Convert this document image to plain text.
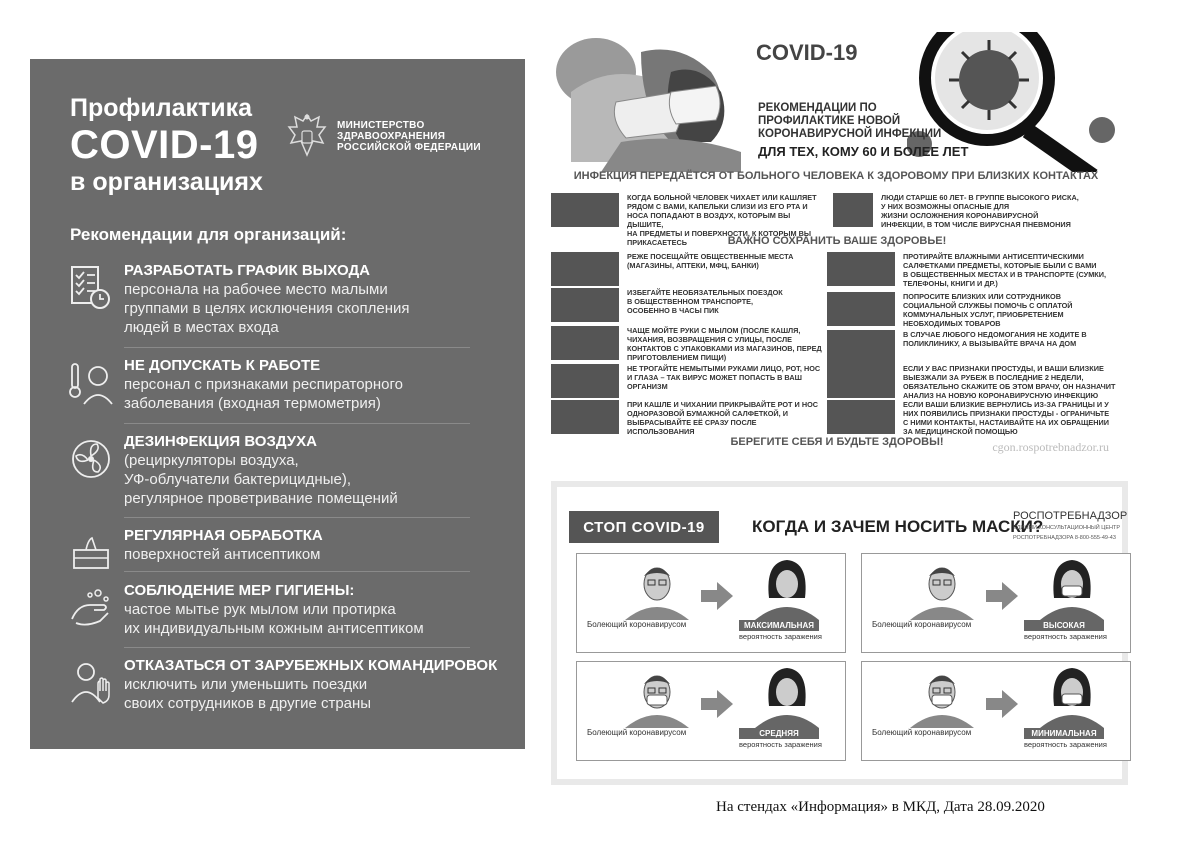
Профилактика
COVID-19
в организациях
МИНИСТЕРСТВО
ЗДРАВООХРАНЕНИЯ
РОССИЙСКОЙ ФЕДЕРАЦИИ
Рекомендации для организаций:
РАЗРАБОТАТЬ ГРАФИК ВЫХОДА
персонала на рабочее место малыми
группами в целях исключения скопления
людей в местах входа
НЕ ДОПУСКАТЬ К РАБОТЕ
персонал с признаками респираторного
заболевания (входная термометрия)
ДЕЗИНФЕКЦИЯ ВОЗДУХА
(рециркуляторы воздуха,
УФ-облучатели бактерицидные),
регулярное проветривание помещений
РЕГУЛЯРНАЯ ОБРАБОТКА
поверхностей антисептиком
СОБЛЮДЕНИЕ МЕР ГИГИЕНЫ:
частое мытье рук мылом или протирка
их индивидуальным кожным антисептиком
ОТКАЗАТЬСЯ ОТ ЗАРУБЕЖНЫХ КОМАНДИРОВОК
исключить или уменьшить поездки
своих сотрудников в другие страны
COVID-19
РЕКОМЕНДАЦИИ ПО
ПРОФИЛАКТИКЕ НОВОЙ
КОРОНАВИРУСНОЙ ИНФЕКЦИИ
ДЛЯ ТЕХ, КОМУ 60 И БОЛЕЕ ЛЕТ
ИНФЕКЦИЯ ПЕРЕДАЁТСЯ ОТ БОЛЬНОГО ЧЕЛОВЕКА К ЗДОРОВОМУ ПРИ БЛИЗКИХ КОНТАКТАХ
КОГДА БОЛЬНОЙ ЧЕЛОВЕК ЧИХАЕТ ИЛИ КАШЛЯЕТ
РЯДОМ С ВАМИ, КАПЕЛЬКИ СЛИЗИ ИЗ ЕГО РТА И
НОСА ПОПАДАЮТ В ВОЗДУХ, КОТОРЫМ ВЫ ДЫШИТЕ,
НА ПРЕДМЕТЫ И ПОВЕРХНОСТИ, К КОТОРЫМ ВЫ
ПРИКАСАЕТЕСЬ
ЛЮДИ СТАРШЕ 60 ЛЕТ- В ГРУППЕ ВЫСОКОГО РИСКА,
У НИХ ВОЗМОЖНЫ ОПАСНЫЕ ДЛЯ
ЖИЗНИ ОСЛОЖНЕНИЯ КОРОНАВИРУСНОЙ
ИНФЕКЦИИ, В ТОМ ЧИСЛЕ ВИРУСНАЯ ПНЕВМОНИЯ
ВАЖНО СОХРАНИТЬ ВАШЕ ЗДОРОВЬЕ!
РЕЖЕ ПОСЕЩАЙТЕ ОБЩЕСТВЕННЫЕ МЕСТА
(МАГАЗИНЫ, АПТЕКИ, МФЦ, БАНКИ)
ИЗБЕГАЙТЕ НЕОБЯЗАТЕЛЬНЫХ ПОЕЗДОК
В ОБЩЕСТВЕННОМ ТРАНСПОРТЕ,
ОСОБЕННО В ЧАСЫ ПИК
ЧАЩЕ МОЙТЕ РУКИ С МЫЛОМ (ПОСЛЕ КАШЛЯ,
ЧИХАНИЯ, ВОЗВРАЩЕНИЯ С УЛИЦЫ, ПОСЛЕ
КОНТАКТОВ С УПАКОВКАМИ ИЗ МАГАЗИНОВ, ПЕРЕД
ПРИГОТОВЛЕНИЕМ ПИЩИ)
НЕ ТРОГАЙТЕ НЕМЫТЫМИ РУКАМИ ЛИЦО, РОТ, НОС
И ГЛАЗА – ТАК ВИРУС МОЖЕТ ПОПАСТЬ В ВАШ
ОРГАНИЗМ
ПРИ КАШЛЕ И ЧИХАНИИ ПРИКРЫВАЙТЕ РОТ И НОС
ОДНОРАЗОВОЙ БУМАЖНОЙ САЛФЕТКОЙ, И
ВЫБРАСЫВАЙТЕ ЕЁ СРАЗУ ПОСЛЕ ИСПОЛЬЗОВАНИЯ
ПРОТИРАЙТЕ ВЛАЖНЫМИ АНТИСЕПТИЧЕСКИМИ
САЛФЕТКАМИ ПРЕДМЕТЫ, КОТОРЫЕ БЫЛИ С ВАМИ
В ОБЩЕСТВЕННЫХ МЕСТАХ И В ТРАНСПОРТЕ (СУМКИ,
ТЕЛЕФОНЫ, КНИГИ И ДР.)
ПОПРОСИТЕ БЛИЗКИХ ИЛИ СОТРУДНИКОВ
СОЦИАЛЬНОЙ СЛУЖБЫ ПОМОЧЬ С ОПЛАТОЙ
КОММУНАЛЬНЫХ УСЛУГ, ПРИОБРЕТЕНИЕМ
НЕОБХОДИМЫХ ТОВАРОВ
В СЛУЧАЕ ЛЮБОГО НЕДОМОГАНИЯ НЕ ХОДИТЕ В
ПОЛИКЛИНИКУ, А ВЫЗЫВАЙТЕ ВРАЧА НА ДОМ
ЕСЛИ У ВАС ПРИЗНАКИ ПРОСТУДЫ, И ВАШИ БЛИЗКИЕ
ВЫЕЗЖАЛИ ЗА РУБЕЖ В ПОСЛЕДНИЕ 2 НЕДЕЛИ,
ОБЯЗАТЕЛЬНО СКАЖИТЕ ОБ ЭТОМ ВРАЧУ, ОН НАЗНАЧИТ
АНАЛИЗ НА НОВУЮ КОРОНАВИРУСНУЮ ИНФЕКЦИЮ
ЕСЛИ ВАШИ БЛИЗКИЕ ВЕРНУЛИСЬ ИЗ-ЗА ГРАНИЦЫ И У
НИХ ПОЯВИЛИСЬ ПРИЗНАКИ ПРОСТУДЫ - ОГРАНИЧЬТЕ
С НИМИ КОНТАКТЫ, НАСТАИВАЙТЕ НА ИХ ОБРАЩЕНИИ
ЗА МЕДИЦИНСКОЙ ПОМОЩЬЮ
БЕРЕГИТЕ СЕБЯ И БУДЬТЕ ЗДОРОВЫ!	cgon.rospotrebnadzor.ru
СТОП COVID-19	КОГДА И ЗАЧЕМ НОСИТЬ МАСКИ?
РОСПОТРЕБНАДЗОР
ЕДИНЫЙ КОНСУЛЬТАЦИОННЫЙ ЦЕНТР
РОСПОТРЕБНАДЗОРА 8-800-555-49-43
Болеющий коронавирусом	МАКСИМАЛЬНАЯ
вероятность заражения
Болеющий коронавирусом	ВЫСОКАЯ
вероятность заражения
Болеющий коронавирусом	СРЕДНЯЯ
вероятность заражения
Болеющий коронавирусом	МИНИМАЛЬНАЯ
вероятность заражения
На стендах «Информация» в МКД, Дата 28.09.2020
